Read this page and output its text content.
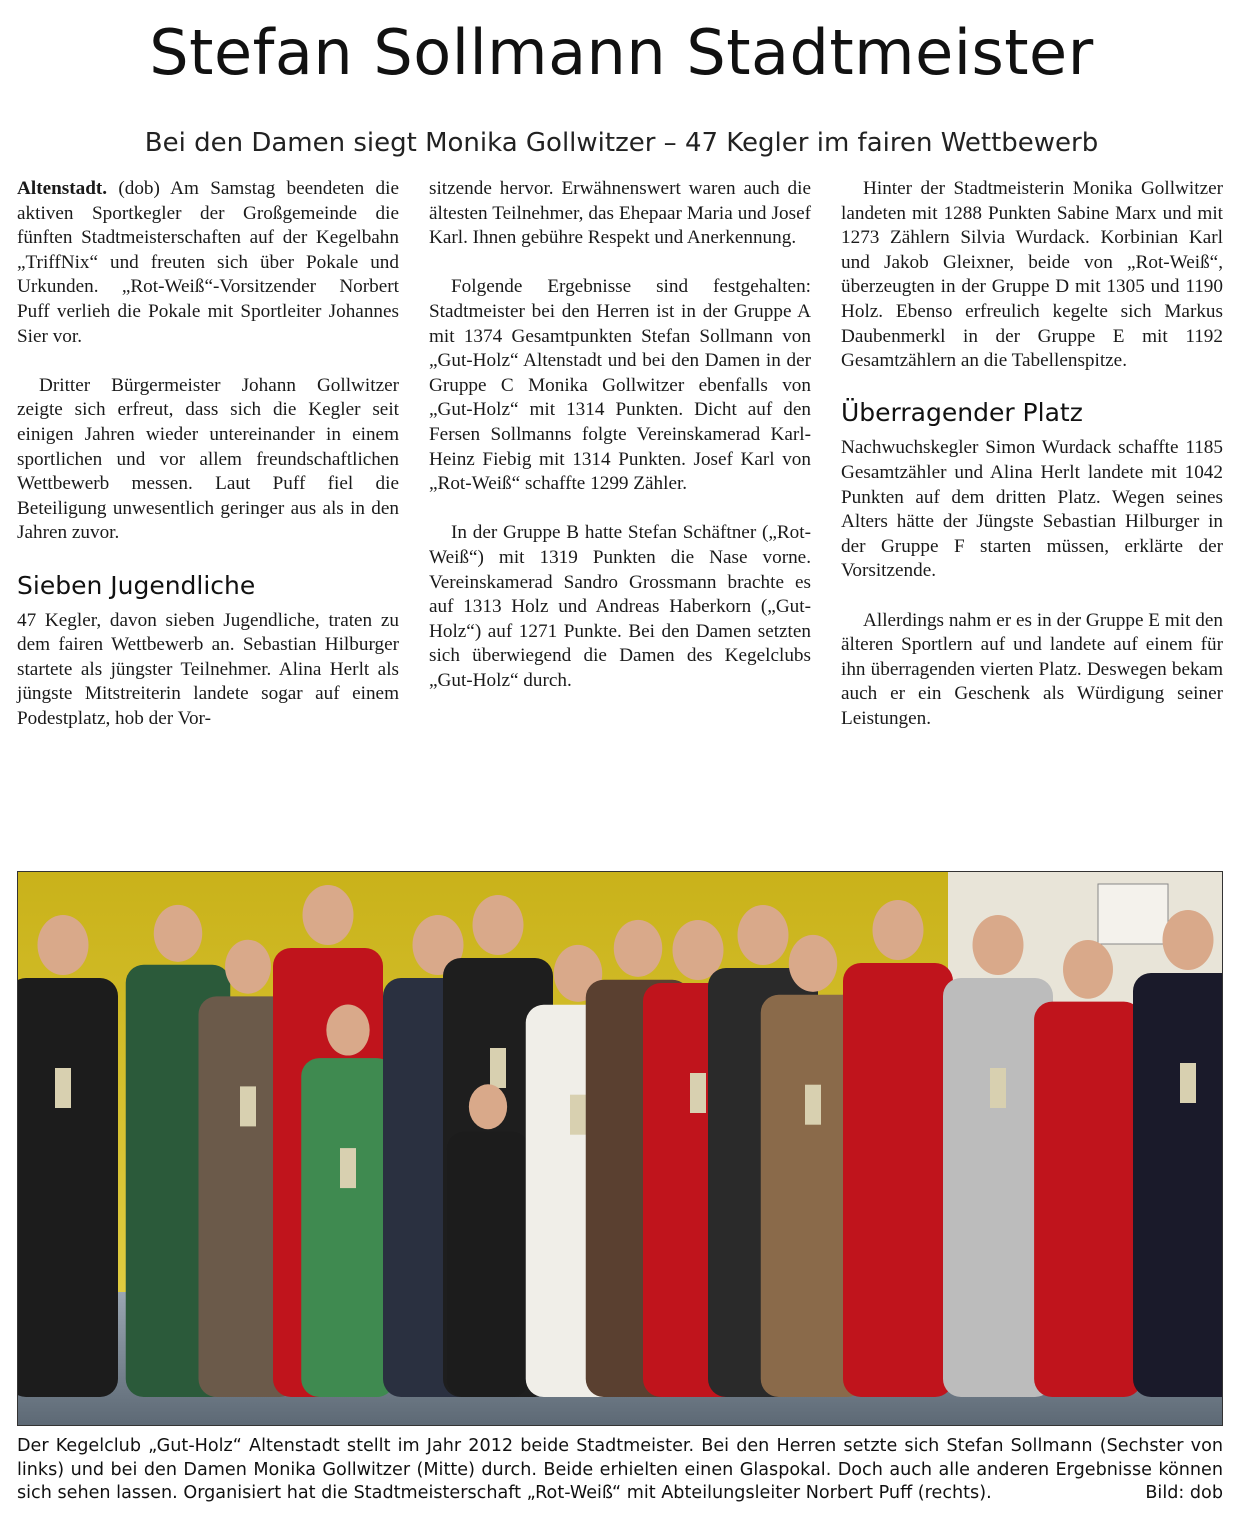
Stefan Sollmann Stadtmeister
Bei den Damen siegt Monika Gollwitzer – 47 Kegler im fairen Wettbewerb

Altenstadt. (dob) Am Samstag beendeten die aktiven Sportkegler der Großgemeinde die fünften Stadtmeisterschaften auf der Kegelbahn „TriffNix“ und freuten sich über Pokale und Urkunden. „Rot-Weiß“-Vorsitzender Norbert Puff verlieh die Pokale mit Sportleiter Johannes Sier vor.

Dritter Bürgermeister Johann Gollwitzer zeigte sich erfreut, dass sich die Kegler seit einigen Jahren wieder untereinander in einem sportlichen und vor allem freundschaftlichen Wettbewerb messen. Laut Puff fiel die Beteiligung unwesentlich geringer aus als in den Jahren zuvor.

Sieben Jugendliche

47 Kegler, davon sieben Jugendliche, traten zu dem fairen Wettbewerb an. Sebastian Hilburger startete als jüngster Teilnehmer. Alina Herlt als jüngste Mitstreiterin landete sogar auf einem Podestplatz, hob der Vor-

sitzende hervor. Erwähnenswert waren auch die ältesten Teilnehmer, das Ehepaar Maria und Josef Karl. Ihnen gebühre Respekt und Anerkennung.

Folgende Ergebnisse sind festgehalten: Stadtmeister bei den Herren ist in der Gruppe A mit 1374 Gesamtpunkten Stefan Sollmann von „Gut-Holz“ Altenstadt und bei den Damen in der Gruppe C Monika Gollwitzer ebenfalls von „Gut-Holz“ mit 1314 Punkten. Dicht auf den Fersen Sollmanns folgte Vereinskamerad Karl-Heinz Fiebig mit 1314 Punkten. Josef Karl von „Rot-Weiß“ schaffte 1299 Zähler.

In der Gruppe B hatte Stefan Schäftner („Rot-Weiß“) mit 1319 Punkten die Nase vorne. Vereinskamerad Sandro Grossmann brachte es auf 1313 Holz und Andreas Haberkorn („Gut-Holz“) auf 1271 Punkte. Bei den Damen setzten sich überwiegend die Damen des Kegelclubs „Gut-Holz“ durch.

Hinter der Stadtmeisterin Monika Gollwitzer landeten mit 1288 Punkten Sabine Marx und mit 1273 Zählern Silvia Wurdack. Korbinian Karl und Jakob Gleixner, beide von „Rot-Weiß“, überzeugten in der Gruppe D mit 1305 und 1190 Holz. Ebenso erfreulich kegelte sich Markus Daubenmerkl in der Gruppe E mit 1192 Gesamtzählern an die Tabellenspitze.

Überragender Platz

Nachwuchskegler Simon Wurdack schaffte 1185 Gesamtzähler und Alina Herlt landete mit 1042 Punkten auf dem dritten Platz. Wegen seines Alters hätte der Jüngste Sebastian Hilburger in der Gruppe F starten müssen, erklärte der Vorsitzende.

Allerdings nahm er es in der Gruppe E mit den älteren Sportlern auf und landete auf einem für ihn überragenden vierten Platz. Deswegen bekam auch er ein Geschenk als Würdigung seiner Leistungen.

Der Kegelclub „Gut-Holz“ Altenstadt stellt im Jahr 2012 beide Stadtmeister. Bei den Herren setzte sich Stefan Sollmann (Sechster von links) und bei den Damen Monika Gollwitzer (Mitte) durch. Beide erhielten einen Glaspokal. Doch auch alle anderen Ergebnisse können sich sehen lassen. Organisiert hat die Stadtmeisterschaft „Rot-Weiß“ mit Abteilungsleiter Norbert Puff (rechts).	Bild: dob
